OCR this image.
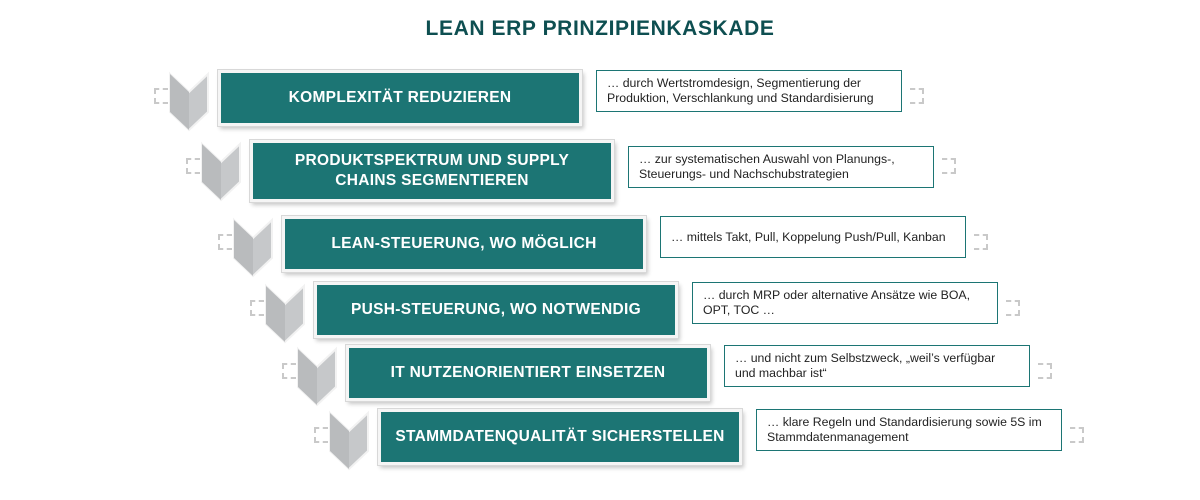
LEAN ERP PRINZIPIENKASKADE
KOMPLEXITÄT REDUZIEREN
… durch Wertstromdesign, Segmentierung der Produktion, Verschlankung und Standardisierung
PRODUKTSPEKTRUM UND SUPPLY CHAINS SEGMENTIEREN
… zur systematischen Auswahl von Planungs-, Steuerungs- und Nachschubstrategien
LEAN-STEUERUNG, WO MÖGLICH	… mittels Takt, Pull, Koppelung Push/Pull, Kanban
PUSH-STEUERUNG, WO NOTWENDIG
… durch MRP oder alternative Ansätze wie BOA, OPT, TOC …
IT NUTZENORIENTIERT EINSETZEN
… und nicht zum Selbstzweck, „weil’s verfügbar und machbar ist“
STAMMDATENQUALITÄT SICHERSTELLEN
… klare Regeln und Standardisierung sowie 5S im Stammdatenmanagement
